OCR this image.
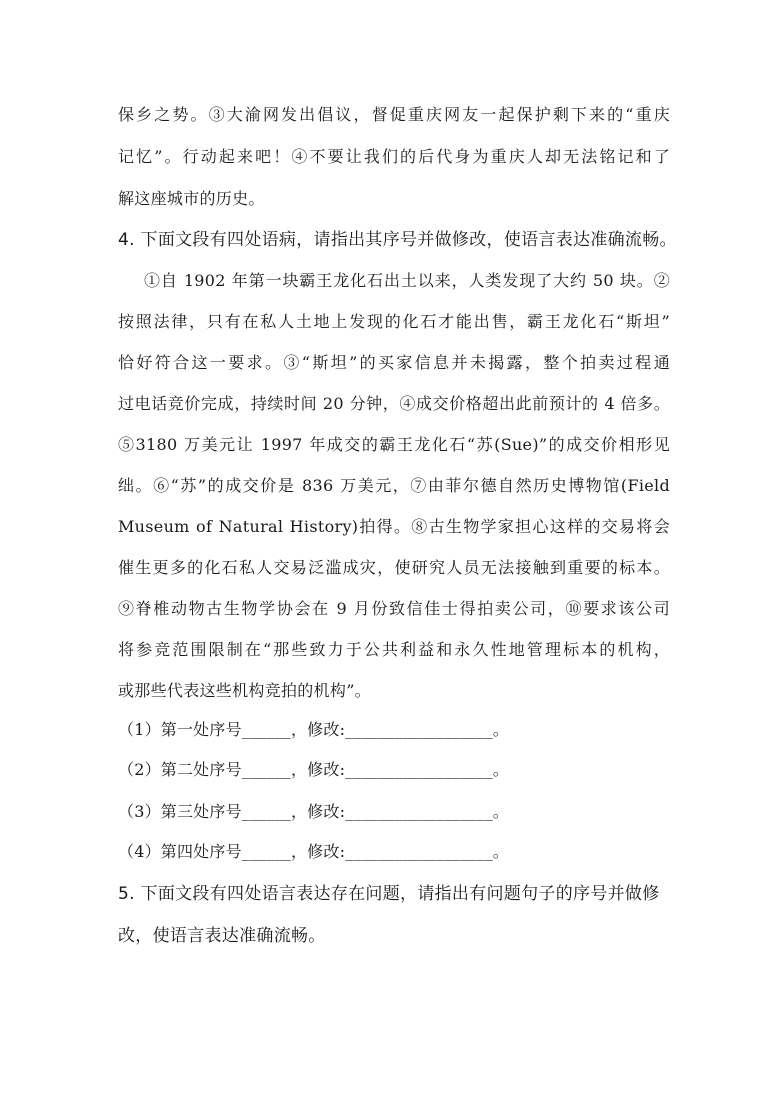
保乡之势。③大渝网发出倡议，督促重庆网友一起保护剩下来的“重庆
记忆”。行动起来吧！④不要让我们的后代身为重庆人却无法铭记和了
解这座城市的历史。
4. 下面文段有四处语病，请指出其序号并做修改，使语言表达准确流畅。
①自 1902 年第一块霸王龙化石出土以来，人类发现了大约 50 块。②
按照法律，只有在私人土地上发现的化石才能出售，霸王龙化石“斯坦”
恰好符合这一要求。③“斯坦”的买家信息并未揭露，整个拍卖过程通
过电话竞价完成，持续时间 20 分钟，④成交价格超出此前预计的 4 倍多。
⑤3180 万美元让 1997 年成交的霸王龙化石“苏(Sue)”的成交价相形见
绌。⑥“苏”的成交价是 836 万美元，⑦由菲尔德自然历史博物馆(Field
Museum of Natural History)拍得。⑧古生物学家担心这样的交易将会
催生更多的化石私人交易泛滥成灾，使研究人员无法接触到重要的标本。
⑨脊椎动物古生物学协会在 9 月份致信佳士得拍卖公司，⑩要求该公司
将参竞范围限制在“那些致力于公共利益和永久性地管理标本的机构，
或那些代表这些机构竞拍的机构”。
（1）第一处序号______，修改:__________________。
（2）第二处序号______，修改:__________________。
（3）第三处序号______，修改:__________________。
（4）第四处序号______，修改:__________________。
5. 下面文段有四处语言表达存在问题，请指出有问题句子的序号并做修
改，使语言表达准确流畅。
